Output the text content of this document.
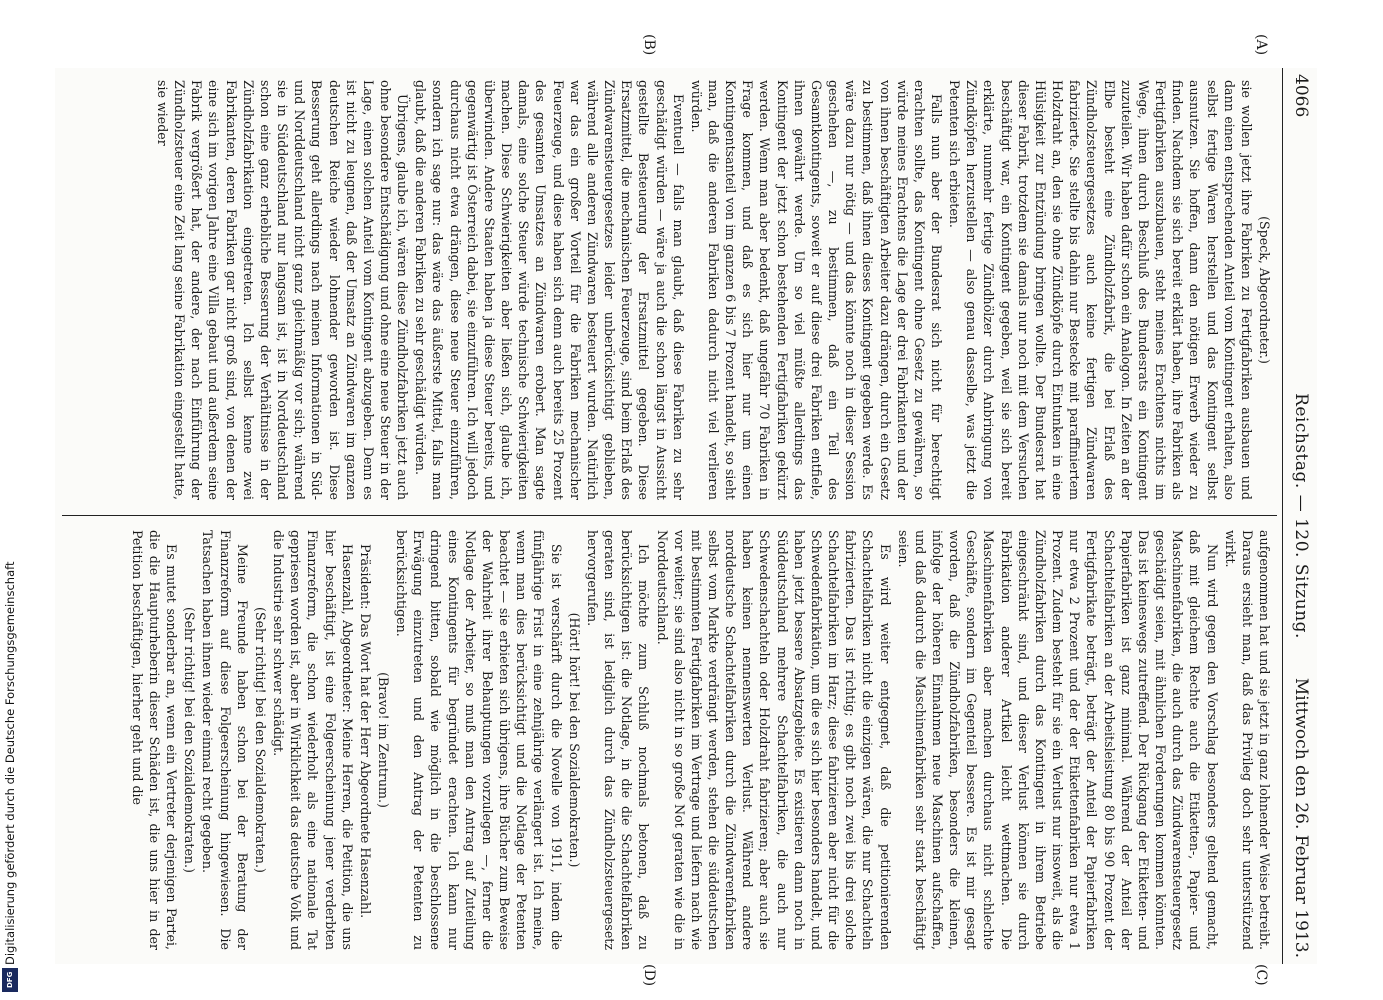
Digitalisierung gefördert durch die Deutsche Forschungsgemeinschaft
DFG
4066
Reichstag. — 120. Sitzung.
Mittwoch den 26. Februar 1913.
(A)
(B)
(C)
(D)

(Speck, Abgeordneter.)

sie wollen jetzt ihre Fabriken zu Fertigfabriken ausbauen und dann einen entsprechenden Anteil vom Kontingent erhalten, also selbst fertige Waren herstellen und das Kontingent selbst ausnutzen. Sie hoffen, dann den nötigen Erwerb wieder zu finden. Nachdem sie sich bereit erklärt haben, ihre Fabriken als Fertigfabriken auszubauen, steht meines Erachtens nichts im Wege, ihnen durch Beschluß des Bundesrats ein Kontingent zuzuteilen. Wir haben dafür schon ein Analogon. In Zeiten an der Elbe besteht eine Zündholzfabrik, die bei Erlaß des Zündholzsteuergesetzes auch keine fertigen Zündwaren fabrizierte. Sie stellte bis dahin nur Bestecke mit paraffiniertem Holzdraht an, den sie ohne Zündköpfe durch Eintunken in eine Hülsigkeit zur Entzündung bringen wollte. Der Bundesrat hat dieser Fabrik, trotzdem sie damals nur noch mit dem Versuchen beschäftigt war, ein Kontingent gegeben, weil sie sich bereit erklärte, nunmehr fertige Zündhölzer durch Anbringung von Zündköpfen herzustellen — also genau dasselbe, was jetzt die Petenten sich erbieten.

Falls nun aber der Bundesrat sich nicht für berechtigt erachten sollte, das Kontingent ohne Gesetz zu gewähren, so würde meines Erachtens die Lage der drei Fabrikanten und der von ihnen beschäftigten Arbeiter dazu drängen, durch ein Gesetz zu bestimmen, daß ihnen dieses Kontingent gegeben werde. Es wäre dazu nur nötig — und das könnte noch in dieser Session geschehen —, zu bestimmen, daß ein Teil des Gesamtkontingents, soweit er auf diese drei Fabriken entfiele, ihnen gewährt werde. Um so viel müßte allerdings das Kontingent der jetzt schon bestehenden Fertigfabriken gekürzt werden. Wenn man aber bedenkt, daß ungefähr 70 Fabriken in Frage kommen, und daß es sich hier nur um einen Kontingentsanteil von im ganzen 6 bis 7 Prozent handelt, so sieht man, daß die anderen Fabriken dadurch nicht viel verlieren würden.

Eventuell — falls man glaubt, daß diese Fabriken zu sehr geschädigt würden — wäre ja auch die schon längst in Aussicht gestellte Besteuerung der Ersatzmittel gegeben. Diese Ersatzmittel, die mechanischen Feuerzeuge, sind beim Erlaß des Zündwarensteuergesetzes leider unberücksichtigt geblieben, während alle anderen Zündwaren besteuert wurden. Natürlich war das ein großer Vorteil für die Fabriken mechanischer Feuerzeuge, und diese haben sich denn auch bereits 25 Prozent des gesamten Umsatzes an Zündwaren erobert. Man sagte damals, eine solche Steuer würde technische Schwierigkeiten machen. Diese Schwierigkeiten aber ließen sich, glaube ich, überwinden. Andere Staaten haben ja diese Steuer bereits, und gegenwärtig ist Österreich dabei, sie einzuführen. Ich will jedoch durchaus nicht etwa drängen, diese neue Steuer einzuführen, sondern ich sage nur: das wäre das äußerste Mittel, falls man glaubt, daß die anderen Fabriken zu sehr geschädigt würden.

Übrigens, glaube ich, wären diese Zündholzfabriken jetzt auch ohne besondere Entschädigung und ohne eine neue Steuer in der Lage, einen solchen Anteil vom Kontingent abzugeben. Denn es ist nicht zu leugnen, daß der Umsatz an Zündwaren im ganzen deutschen Reiche wieder lohnender geworden ist. Diese Besserung geht allerdings nach meinen Informationen in Süd- und Norddeutschland nicht ganz gleichmäßig vor sich; während sie in Süddeutschland nur langsam ist, ist in Norddeutschland schon eine ganz erhebliche Besserung der Verhältnisse in der Zündholzfabrikation eingetreten. Ich selbst kenne zwei Fabrikanten, deren Fabriken gar nicht groß sind, von denen der eine sich im vorigen Jahre eine Villa gebaut und außerdem seine Fabrik vergrößert hat, der andere, der nach Einführung der Zündholzsteuer eine Zeit lang seine Fabrikation eingestellt hatte, sie wieder

aufgenommen hat und sie jetzt in ganz lohnender Weise betreibt. Daraus ersieht man, daß das Privileg doch sehr unterstützend wirkt.

Nun wird gegen den Vorschlag besonders geltend gemacht, daß mit gleichem Rechte auch die Etiketten-, Papier- und Maschinenfabriken, die auch durch das Zündwarensteuergesetz geschädigt seien, mit ähnlichen Forderungen kommen könnten. Das ist keineswegs zutreffend. Der Rückgang der Etiketten- und Papierfabriken ist ganz minimal. Während der Anteil der Schachtelfabriken an der Arbeitsleistung 80 bis 90 Prozent der Fertigfabrikate beträgt, beträgt der Anteil der Papierfabriken nur etwa 2 Prozent und der der Etikettenfabriken nur etwa 1 Prozent. Zudem besteht für sie ein Verlust nur insoweit, als die Zündholzfabriken durch das Kontingent in ihrem Betriebe eingeschränkt sind, und dieser Verlust können sie durch Fabrikation anderer Artikel leicht wettmachen. Die Maschinenfabriken aber machen durchaus nicht schlechte Geschäfte, sondern im Gegenteil bessere. Es ist mir gesagt worden, daß die Zündholzfabriken, besonders die kleinen, infolge der höheren Einnahmen neue Maschinen aufschaffen, und daß dadurch die Maschinenfabriken sehr stark beschäftigt seien.

Es wird weiter entgegnet, daß die petitionierenden Schachtelfabriken nicht die einzigen wären, die nur Schachteln fabrizierten. Das ist richtig; es gibt noch zwei bis drei solche Schachtelfabriken im Harz; diese fabrizieren aber nicht für die Schwedenfabrikation, um die es sich hier besonders handelt, und haben jetzt bessere Absatzgebiete. Es existieren dann noch in Süddeutschland mehrere Schachtelfabriken, die auch nur Schwedenschachteln oder Holzdraht fabrizieren; aber auch sie haben keinen nennenswerten Verlust. Während andere norddeutsche Schachtelfabriken durch die Zündwarenfabriken selbst vom Markte verdrängt werden, stehen die süddeutschen mit bestimmten Fertigfabriken im Vertrage und liefern nach wie vor weiter; sie sind also nicht in so große Not geraten wie die in Norddeutschland.

Ich möchte zum Schluß nochmals betonen, daß zu berücksichtigen ist: die Notlage, in die die Schachtelfabriken geraten sind, ist lediglich durch das Zündholzsteuergesetz hervorgerufen.

(Hört! hört! bei den Sozialdemokraten.)

Sie ist verschärft durch die Novelle von 1911, indem die fünfjährige Frist in eine zehnjährige verlängert ist. Ich meine, wenn man dies berücksichtigt und die Notlage der Petenten beachtet — sie erbieten sich übrigens, ihre Bücher zum Beweise der Wahrheit ihrer Behauptungen vorzulegen —, ferner die Notlage der Arbeiter, so muß man den Antrag auf Zuteilung eines Kontingents für begründet erachten. Ich kann nur dringend bitten, sobald wie möglich in die beschlossene Erwägung einzutreten und den Antrag der Petenten zu berücksichtigen.

(Bravo! im Zentrum.)

Präsident: Das Wort hat der Herr Abgeordnete Hasenzahl.

Hasenzahl, Abgeordneter: Meine Herren, die Petition, die uns hier beschäftigt, ist eine Folgeerscheinung jener verderbten Finanzreform, die schon wiederholt als eine nationale Tat gepriesen worden ist, aber in Wirklichkeit das deutsche Volk und die Industrie sehr schwer schädigt.

(Sehr richtig! bei den Sozialdemokraten.)

Meine Freunde haben schon bei der Beratung der Finanzreform auf diese Folgeerscheinung hingewiesen. Die Tatsachen haben ihnen wieder einmal recht gegeben.

(Sehr richtig! bei den Sozialdemokraten.)

Es mutet sonderbar an, wenn ein Vertreter derjenigen Partei, die die Haupturheberin dieser Schäden ist, die uns hier in der Petition beschäftigen, hierher geht und die
